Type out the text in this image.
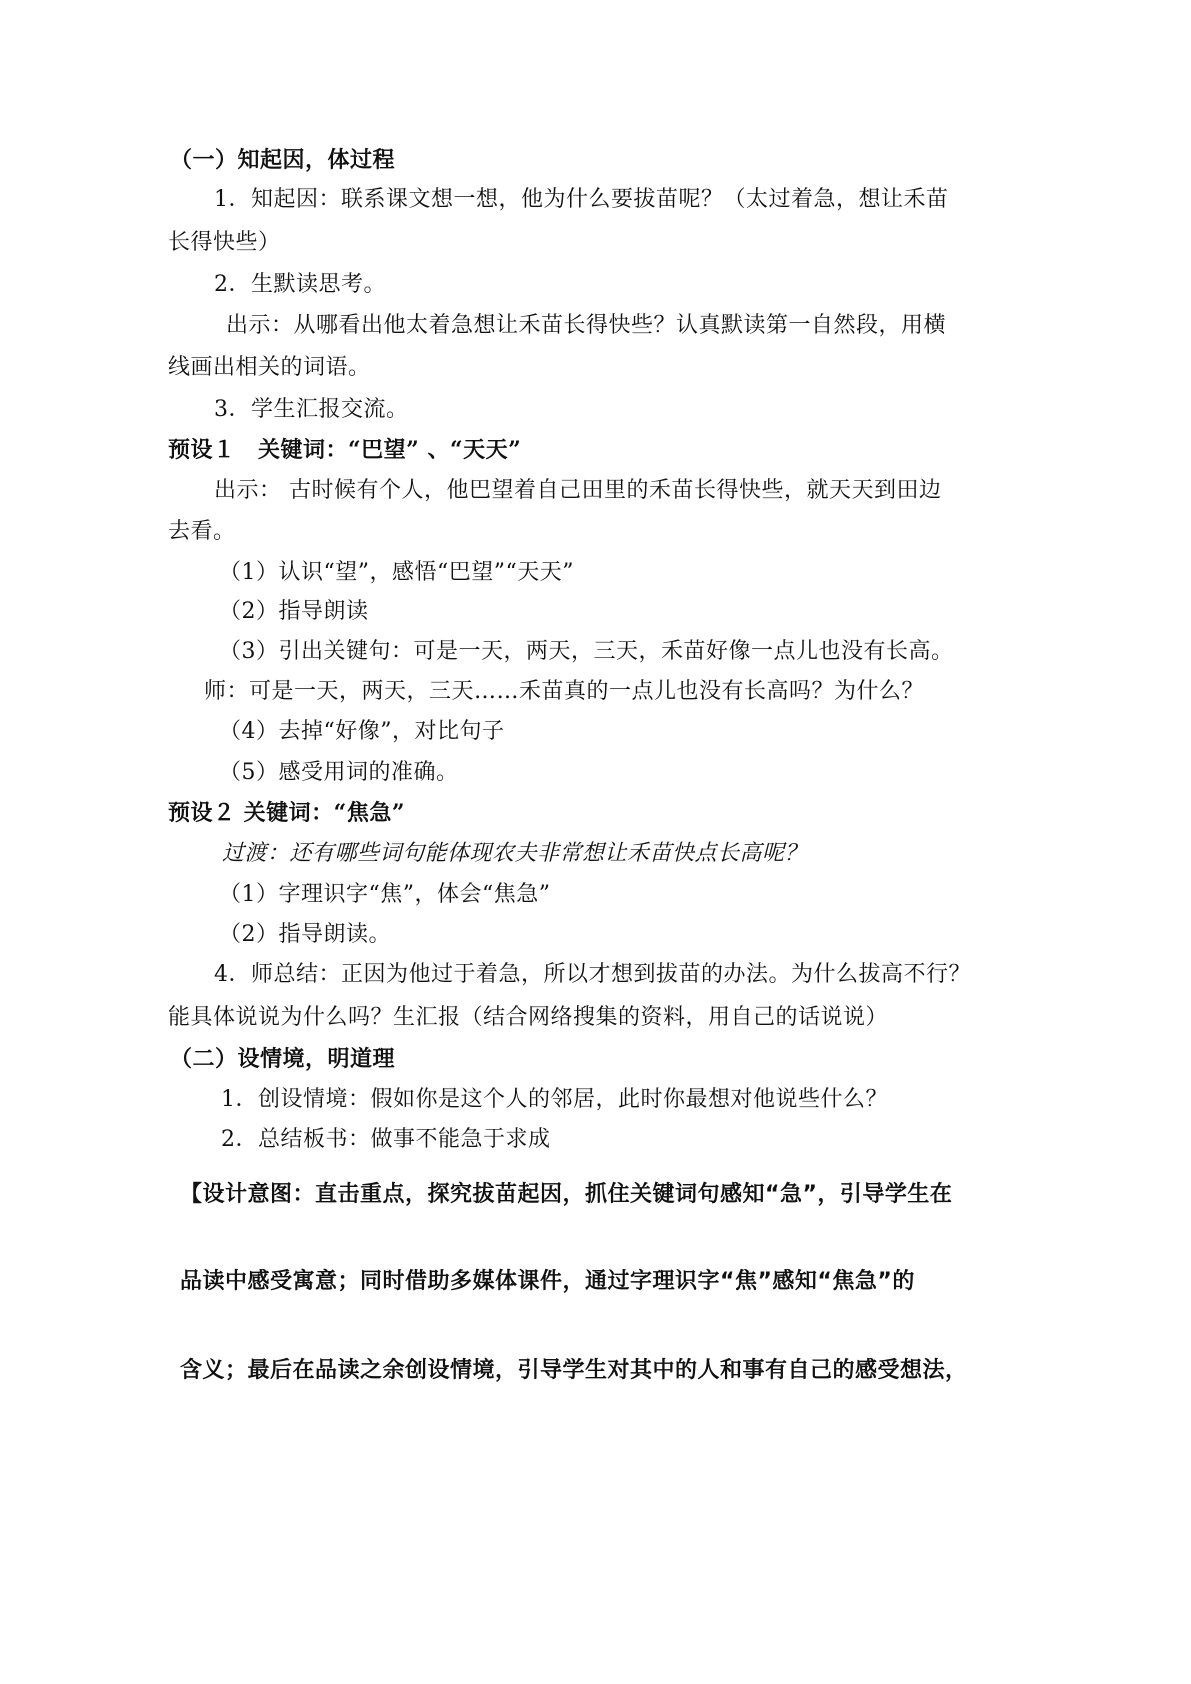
（一）知起因，体过程
1．知起因：联系课文想一想，他为什么要拔苗呢？（太过着急，想让禾苗
长得快些）
2．生默读思考。
出示：从哪看出他太着急想让禾苗长得快些？认真默读第一自然段，用横
线画出相关的词语。
3．学生汇报交流。
预设１　关键词：“巴望” 、“天天”
出示： 古时候有个人，他巴望着自己田里的禾苗长得快些，就天天到田边
去看。
（1）认识“望”，感悟“巴望”“天天”
（2）指导朗读
（3）引出关键句：可是一天，两天，三天，禾苗好像一点儿也没有长高。
师：可是一天，两天，三天……禾苗真的一点儿也没有长高吗？为什么？
（4）去掉“好像”，对比句子
（5）感受用词的准确。
预设２ 关键词：“焦急”
过渡：还有哪些词句能体现农夫非常想让禾苗快点长高呢？
（1）字理识字“焦”，体会“焦急”
（2）指导朗读。
4．师总结：正因为他过于着急，所以才想到拔苗的办法。为什么拔高不行？
能具体说说为什么吗？生汇报（结合网络搜集的资料，用自己的话说说）
（二）设情境，明道理
1．创设情境：假如你是这个人的邻居，此时你最想对他说些什么？
2．总结板书：做事不能急于求成
【设计意图：直击重点，探究拔苗起因，抓住关键词句感知“急”，引导学生在
品读中感受寓意；同时借助多媒体课件，通过字理识字“焦”感知“焦急”的
含义；最后在品读之余创设情境，引导学生对其中的人和事有自己的感受想法，
